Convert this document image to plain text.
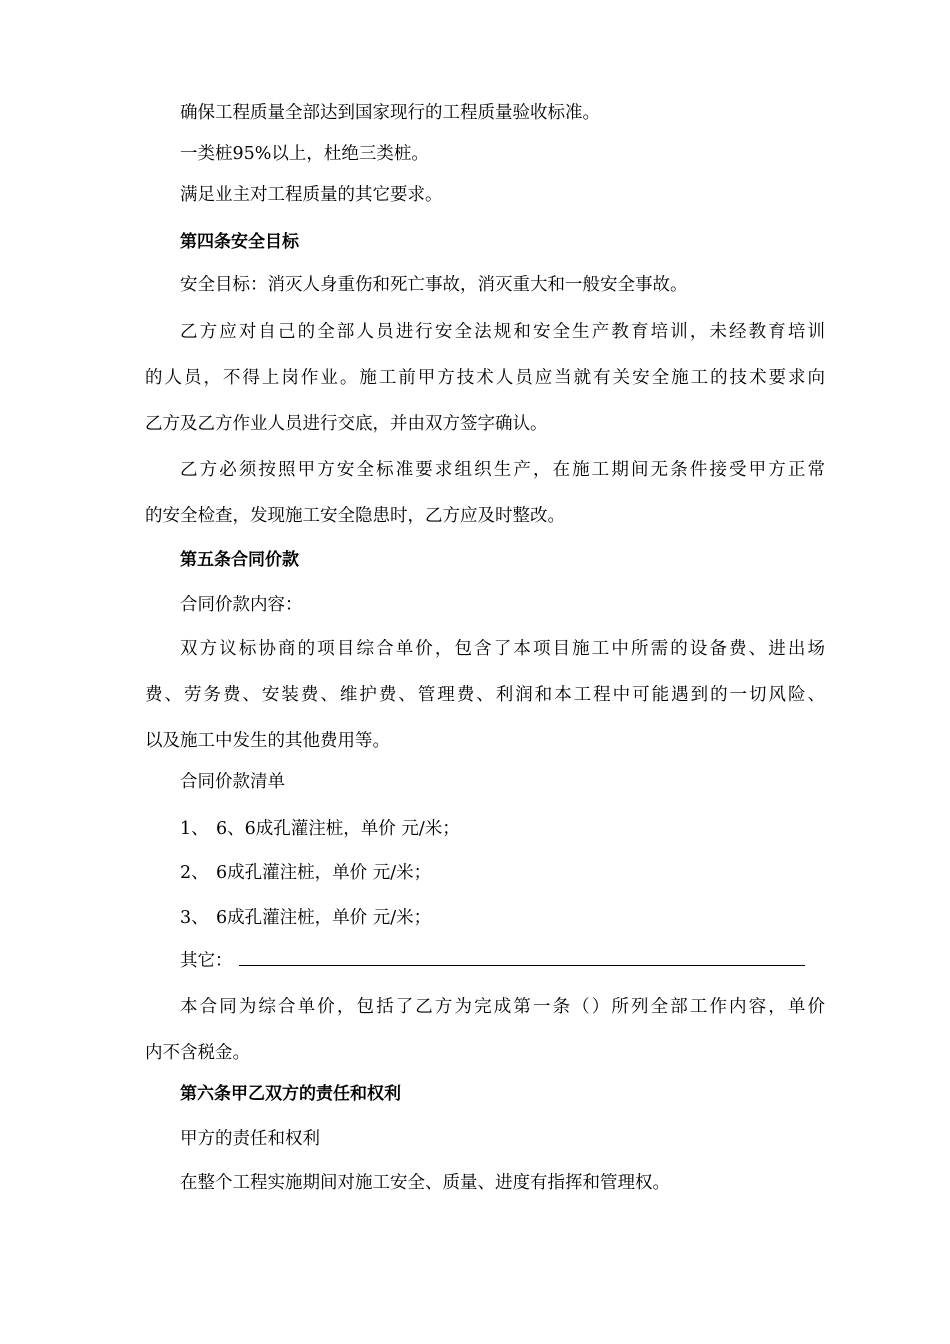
确保工程质量全部达到国家现行的工程质量验收标准。
一类桩95%以上，杜绝三类桩。
满足业主对工程质量的其它要求。
第四条安全目标
安全目标：消灭人身重伤和死亡事故，消灭重大和一般安全事故。
乙方应对自己的全部人员进行安全法规和安全生产教育培训，未经教育培训
的人员，不得上岗作业。施工前甲方技术人员应当就有关安全施工的技术要求向
乙方及乙方作业人员进行交底，并由双方签字确认。
乙方必须按照甲方安全标准要求组织生产，在施工期间无条件接受甲方正常
的安全检查，发现施工安全隐患时，乙方应及时整改。
第五条合同价款
合同价款内容：
双方议标协商的项目综合单价，包含了本项目施工中所需的设备费、进出场
费、劳务费、安装费、维护费、管理费、利润和本工程中可能遇到的一切风险、
以及施工中发生的其他费用等。
合同价款清单
1、 6、6成孔灌注桩，单价 元/米；
2、 6成孔灌注桩，单价 元/米；
3、 6成孔灌注桩，单价 元/米；
其它：
本合同为综合单价，包括了乙方为完成第一条（）所列全部工作内容，单价
内不含税金。
第六条甲乙双方的责任和权利
甲方的责任和权利
在整个工程实施期间对施工安全、质量、进度有指挥和管理权。
